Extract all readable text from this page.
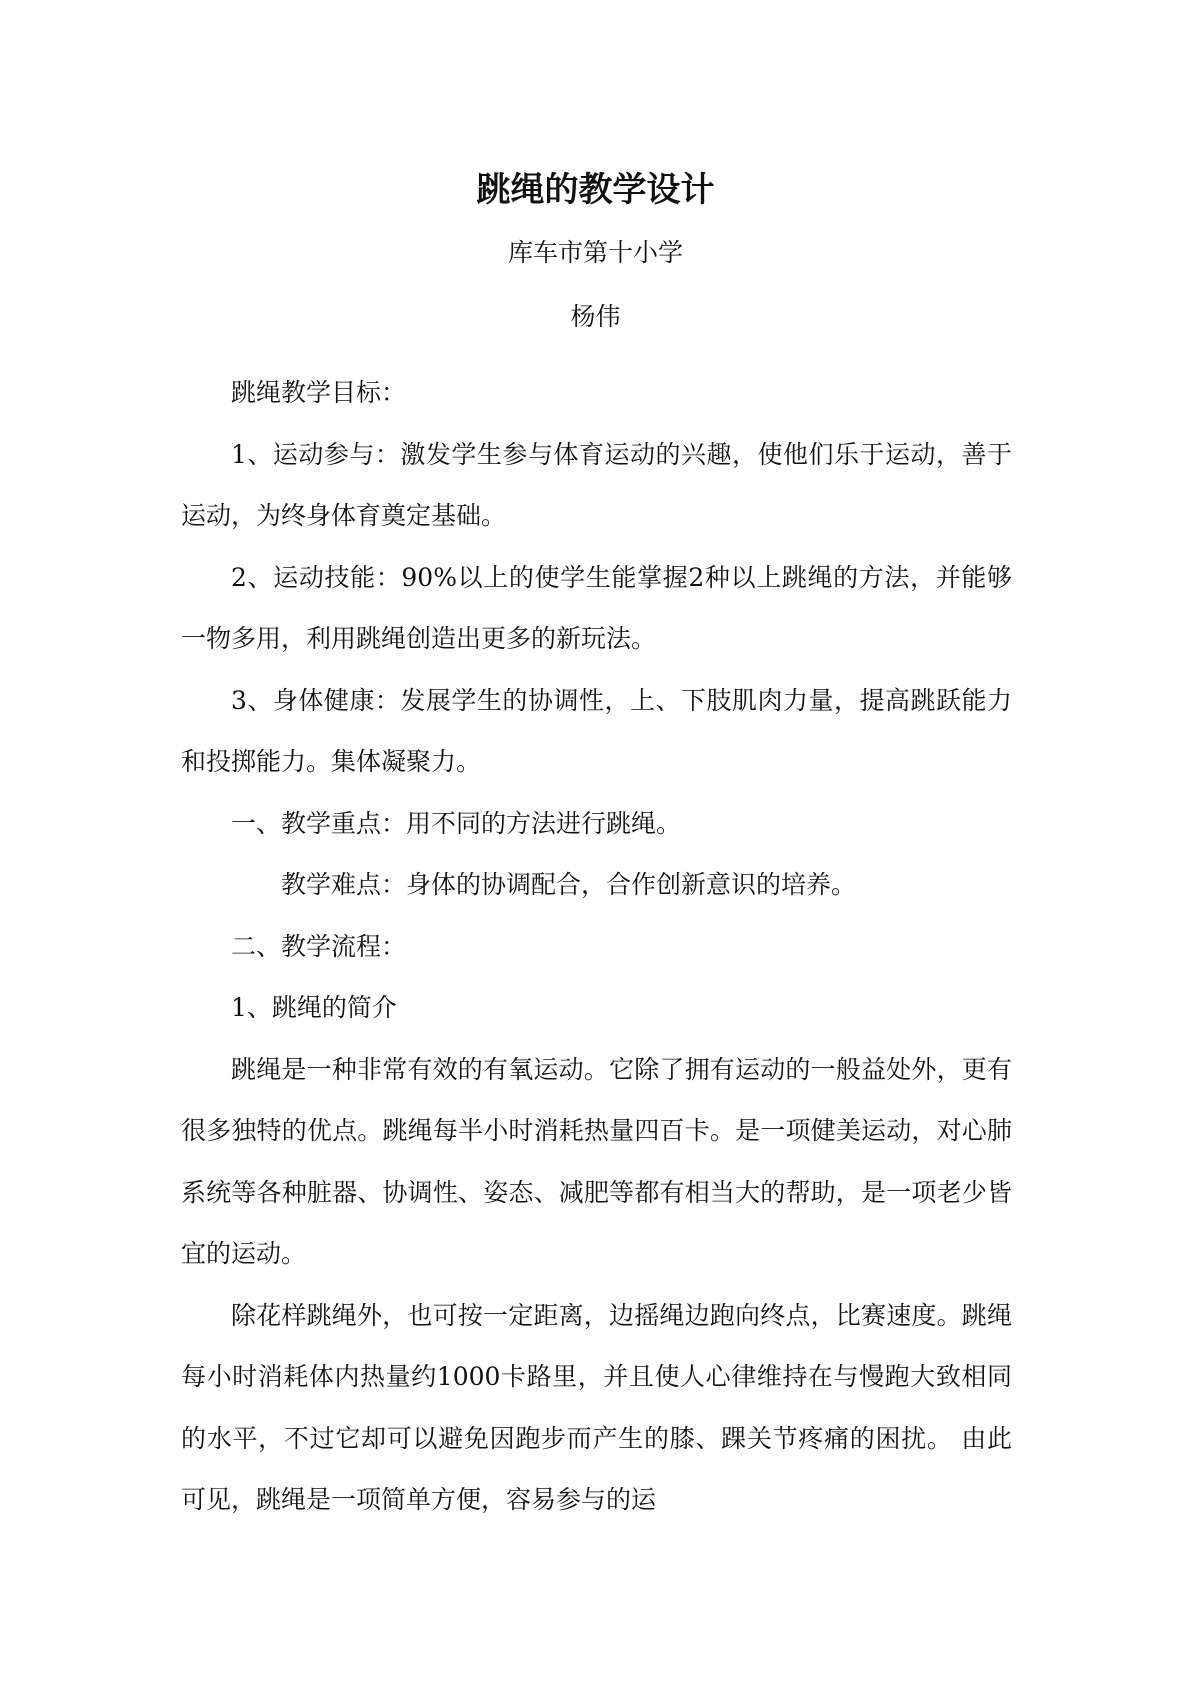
跳绳的教学设计
库车市第十小学
杨伟

跳绳教学目标：

1、运动参与：激发学生参与体育运动的兴趣，使他们乐于运动，善于运动，为终身体育奠定基础。

2、运动技能：90%以上的使学生能掌握2种以上跳绳的方法，并能够一物多用，利用跳绳创造出更多的新玩法。

3、身体健康：发展学生的协调性，上、下肢肌肉力量，提高跳跃能力和投掷能力。集体凝聚力。

一、教学重点：用不同的方法进行跳绳。

教学难点：身体的协调配合，合作创新意识的培养。

二、教学流程：

1、跳绳的简介

跳绳是一种非常有效的有氧运动。它除了拥有运动的一般益处外，更有很多独特的优点。跳绳每半小时消耗热量四百卡。是一项健美运动，对心肺系统等各种脏器、协调性、姿态、减肥等都有相当大的帮助，是一项老少皆宜的运动。

除花样跳绳外，也可按一定距离，边摇绳边跑向终点，比赛速度。跳绳每小时消耗体内热量约1000卡路里，并且使人心律维持在与慢跑大致相同的水平，不过它却可以避免因跑步而产生的膝、踝关节疼痛的困扰。 由此可见，跳绳是一项简单方便，容易参与的运
